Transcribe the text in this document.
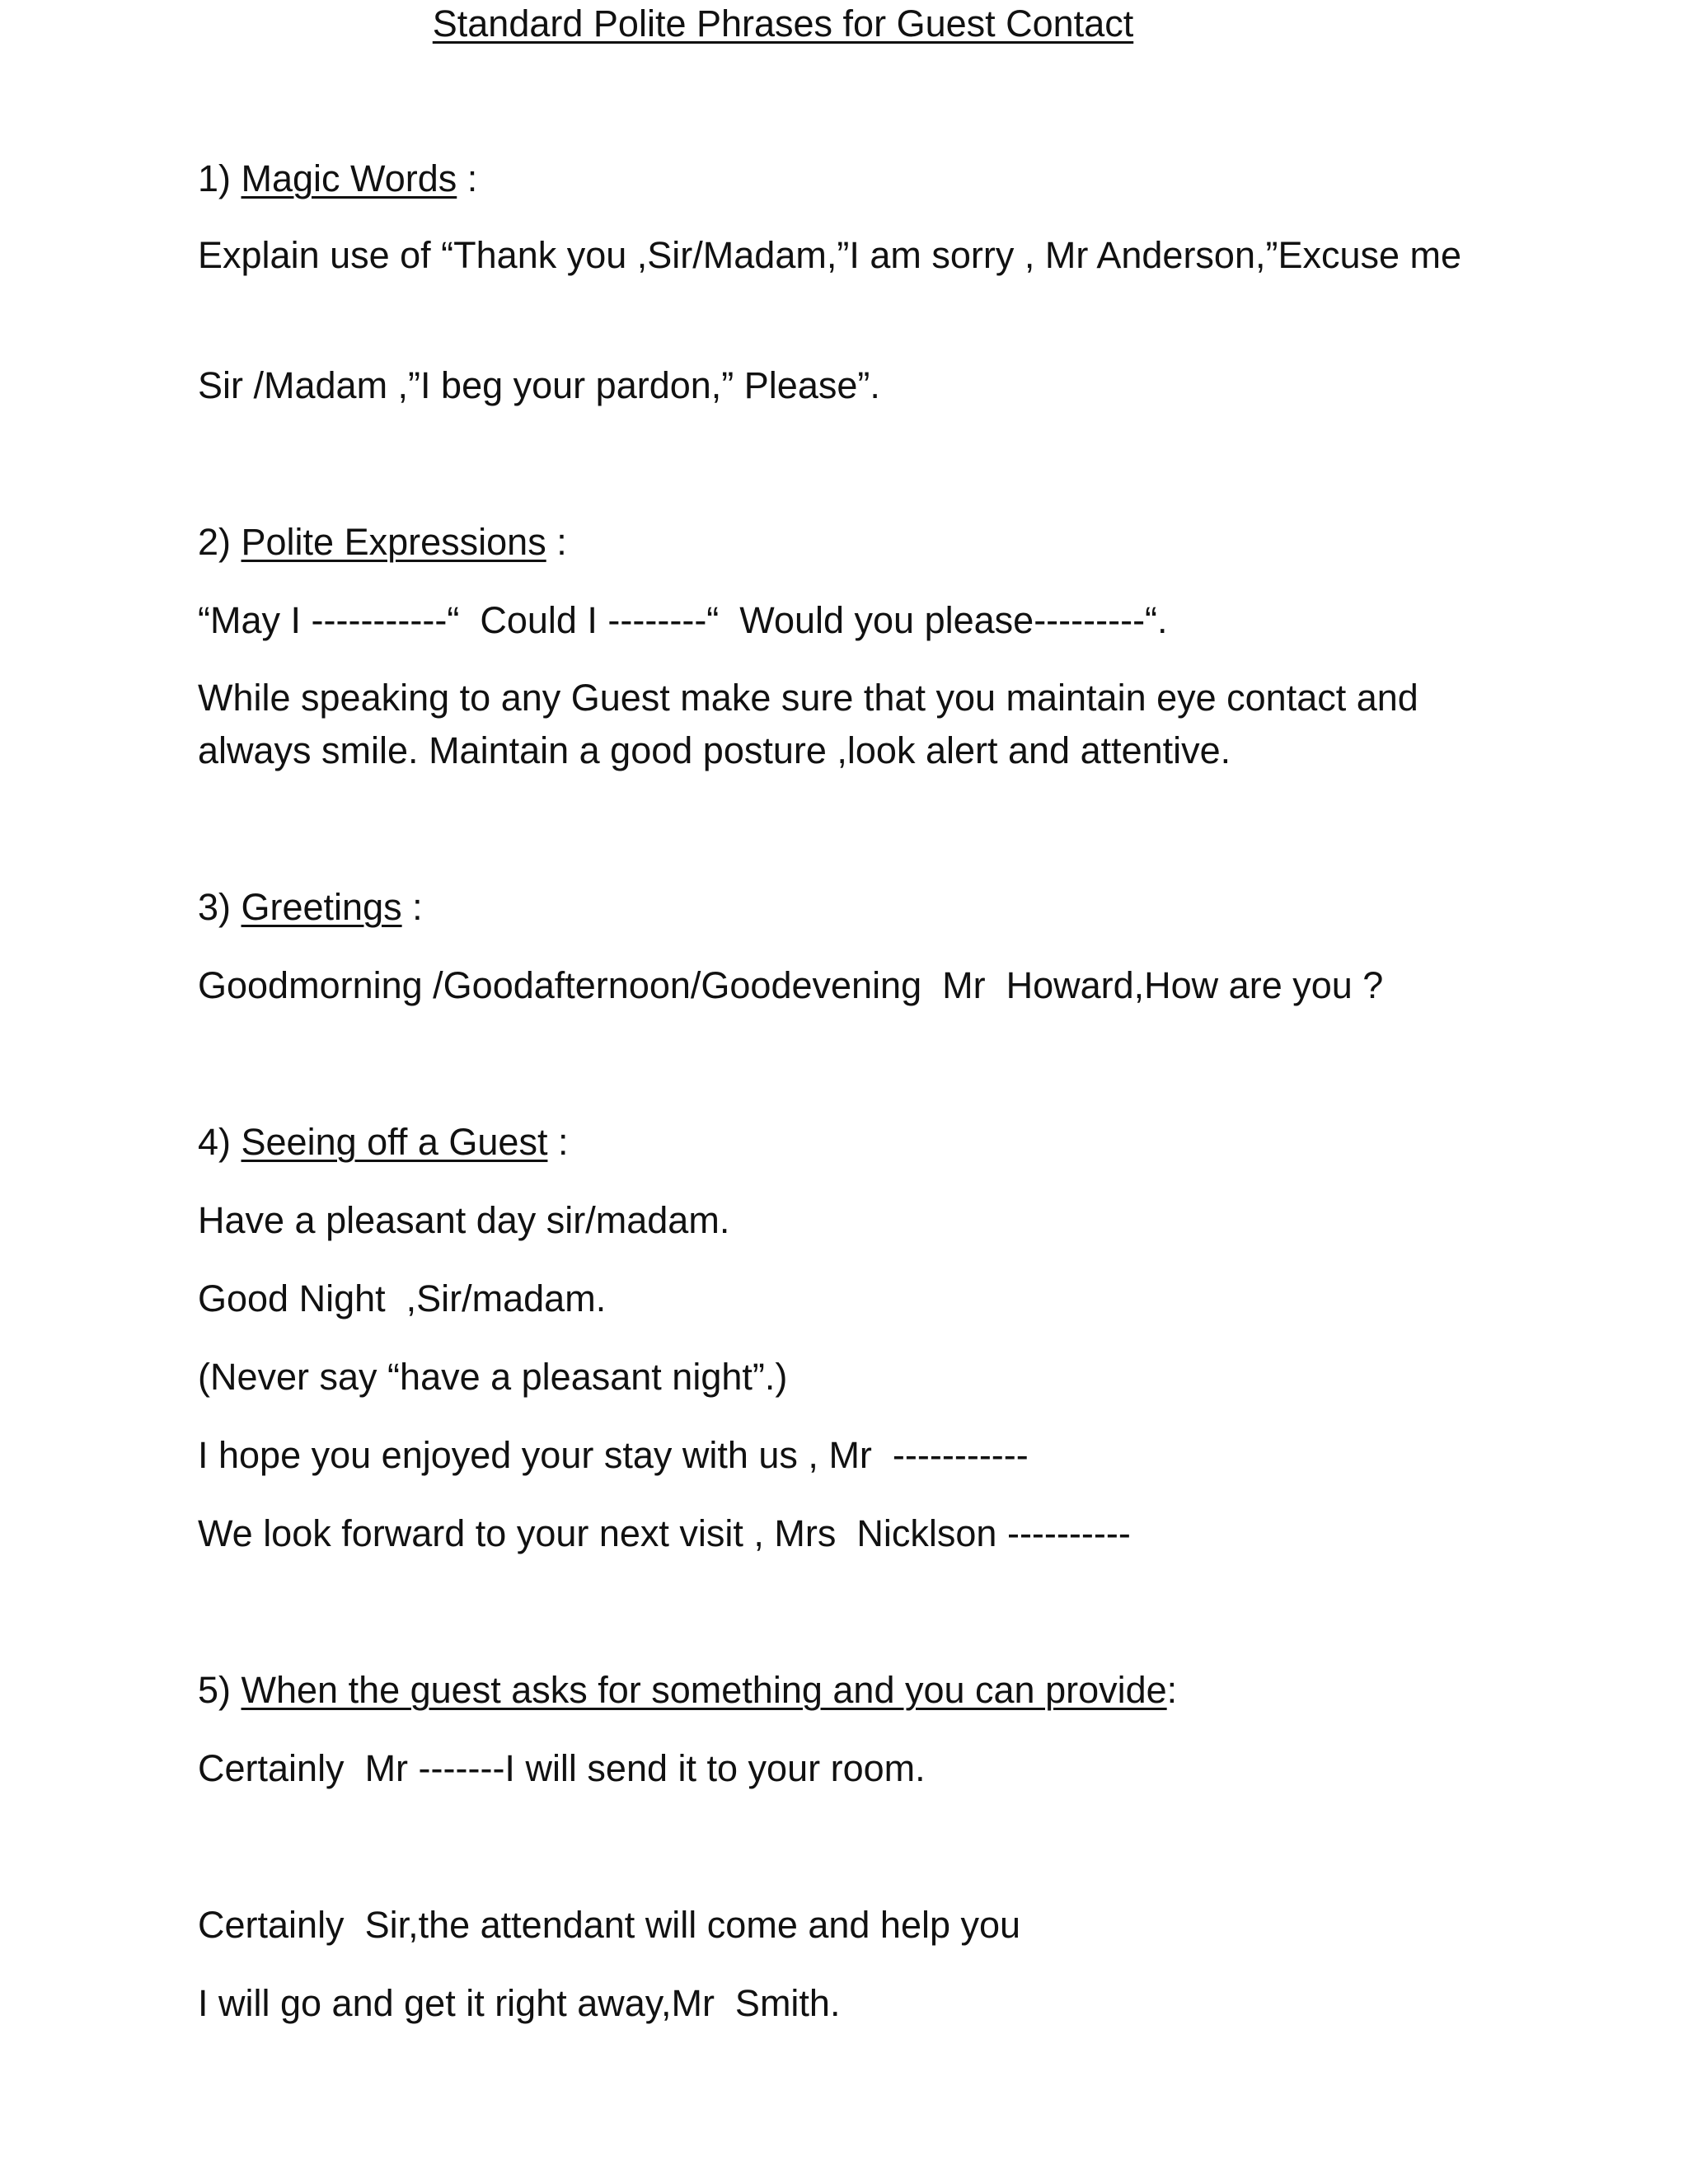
Standard Polite Phrases for Guest Contact
1) Magic Words :
Explain use of “Thank you ,Sir/Madam,”I am sorry , Mr Anderson,”Excuse me
Sir /Madam ,”I beg your pardon,” Please”.
2) Polite Expressions :
“May I -----------“  Could I --------“  Would you please---------“.
While speaking to any Guest make sure that you maintain eye contact and always smile. Maintain a good posture ,look alert and attentive.
3) Greetings :
Goodmorning /Goodafternoon/Goodevening  Mr  Howard,How are you ?
4) Seeing off a Guest :
Have a pleasant day sir/madam.
Good Night  ,Sir/madam.
(Never say “have a pleasant night”.)
I hope you enjoyed your stay with us , Mr  -----------
We look forward to your next visit , Mrs  Nicklson ----------
5) When the guest asks for something and you can provide:
Certainly  Mr -------I will send it to your room.
Certainly  Sir,the attendant will come and help you
I will go and get it right away,Mr  Smith.
